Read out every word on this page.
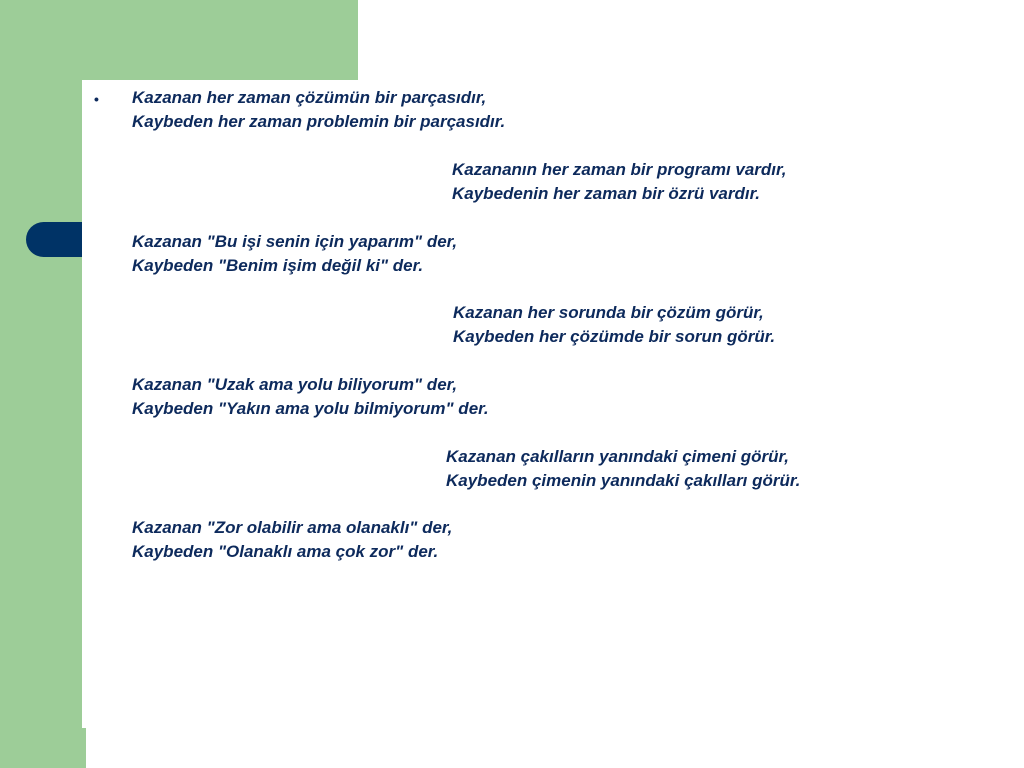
• Kazanan her zaman çözümün bir parçasıdır,
Kaybeden her zaman problemin bir parçasıdır.
Kazananın her zaman bir programı vardır,
Kaybedenin her zaman bir özrü vardır.
Kazanan "Bu işi senin için yaparım" der,
Kaybeden "Benim işim değil ki" der.
Kazanan her sorunda bir çözüm görür,
Kaybeden her çözümde bir sorun görür.
Kazanan "Uzak ama yolu biliyorum" der,
Kaybeden "Yakın ama yolu bilmiyorum" der.
Kazanan çakılların yanındaki çimeni görür,
Kaybeden çimenin yanındaki çakılları görür.
Kazanan "Zor olabilir ama olanaklı" der,
Kaybeden "Olanaklı ama çok zor" der.
